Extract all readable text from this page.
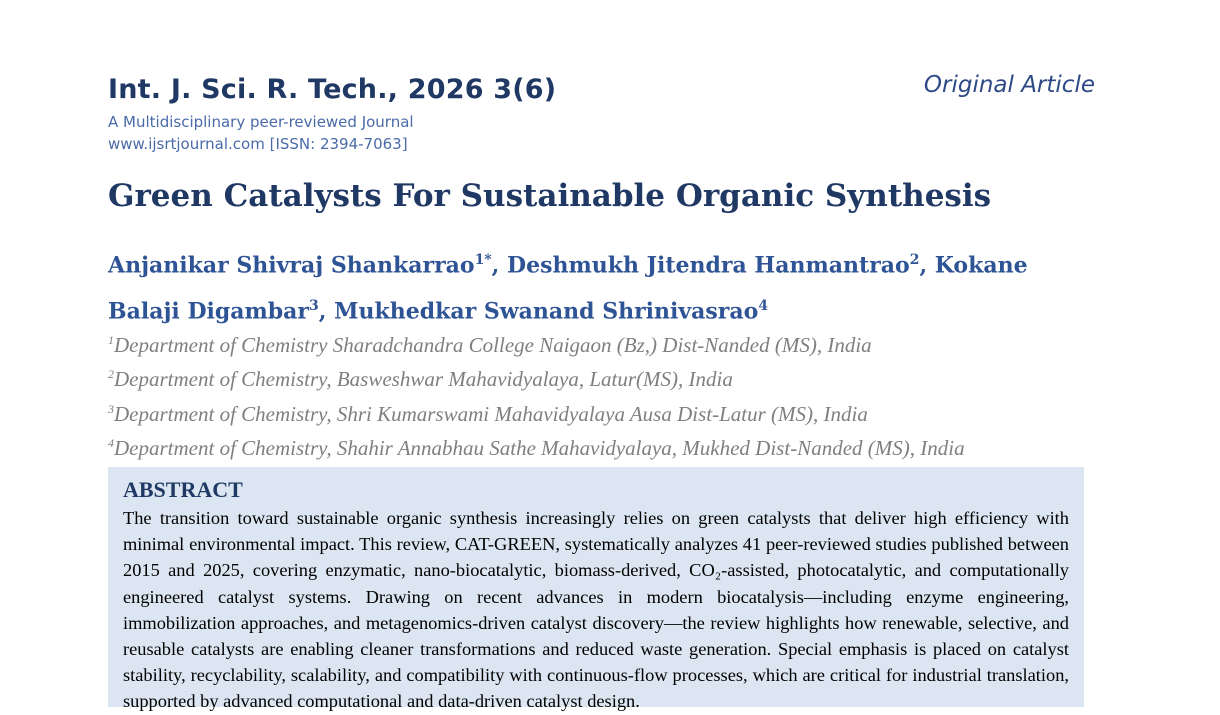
Int. J. Sci. R. Tech., 2026 3(6)	Original Article
A Multidisciplinary peer-reviewed Journal
www.ijsrtjournal.com [ISSN: 2394-7063]
Green Catalysts For Sustainable Organic Synthesis
Anjanikar Shivraj Shankarrao$^{1*}$, Deshmukh Jitendra Hanmantrao$^2$, Kokane Balaji Digambar$^3$, Mukhedkar Swanand Shrinivasrao$^4$
$^1$Department of Chemistry Sharadchandra College Naigaon (Bz,) Dist-Nanded (MS), India
$^2$Department of Chemistry, Basweshwar Mahavidyalaya, Latur(MS), India
$^3$Department of Chemistry, Shri Kumarswami Mahavidyalaya Ausa Dist-Latur (MS), India
$^4$Department of Chemistry, Shahir Annabhau Sathe Mahavidyalaya, Mukhed Dist-Nanded (MS), India
ABSTRACT

The transition toward sustainable organic synthesis increasingly relies on green catalysts that deliver high efficiency with minimal environmental impact. This review, CAT-GREEN, systematically analyzes 41 peer-reviewed studies published between 2015 and 2025, covering enzymatic, nano-biocatalytic, biomass-derived, CO₂-assisted, photocatalytic, and computationally engineered catalyst systems. Drawing on recent advances in modern biocatalysis—including enzyme engineering, immobilization approaches, and metagenomics-driven catalyst discovery—the review highlights how renewable, selective, and reusable catalysts are enabling cleaner transformations and reduced waste generation. Special emphasis is placed on catalyst stability, recyclability, scalability, and compatibility with continuous-flow processes, which are critical for industrial translation, supported by advanced computational and data-driven catalyst design.
